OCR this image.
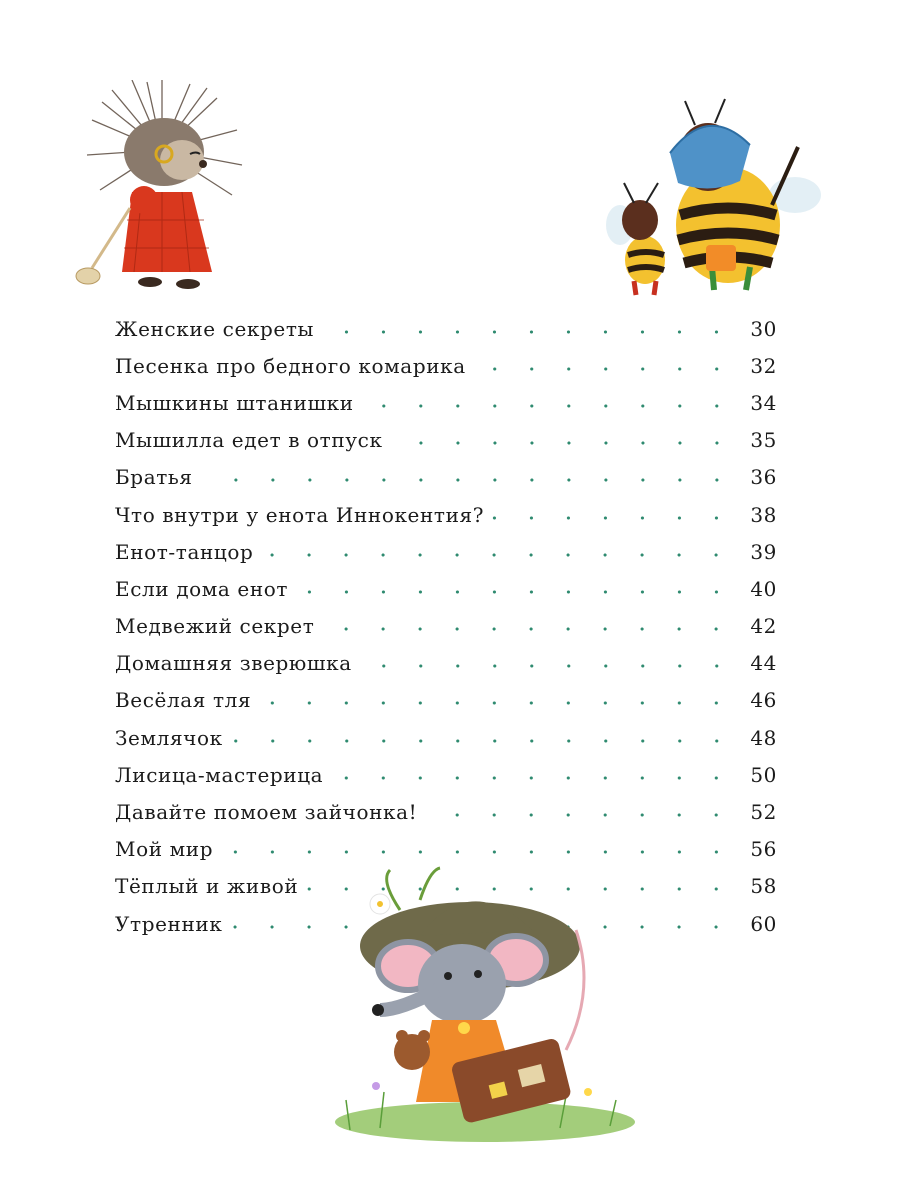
Женские секреты	30
Песенка про бедного комарика	32
Мышкины штанишки	34
Мышилла едет в отпуск	35
Братья	36
Что внутри у енота Иннокентия?	38
Енот-танцор	39
Если дома енот	40
Медвежий секрет	42
Домашняя зверюшка	44
Весёлая тля	46
Землячок	48
Лисица-мастерица	50
Давайте помоем зайчонка!	52
Мой мир	56
Тёплый и живой	58
Утренник	60
